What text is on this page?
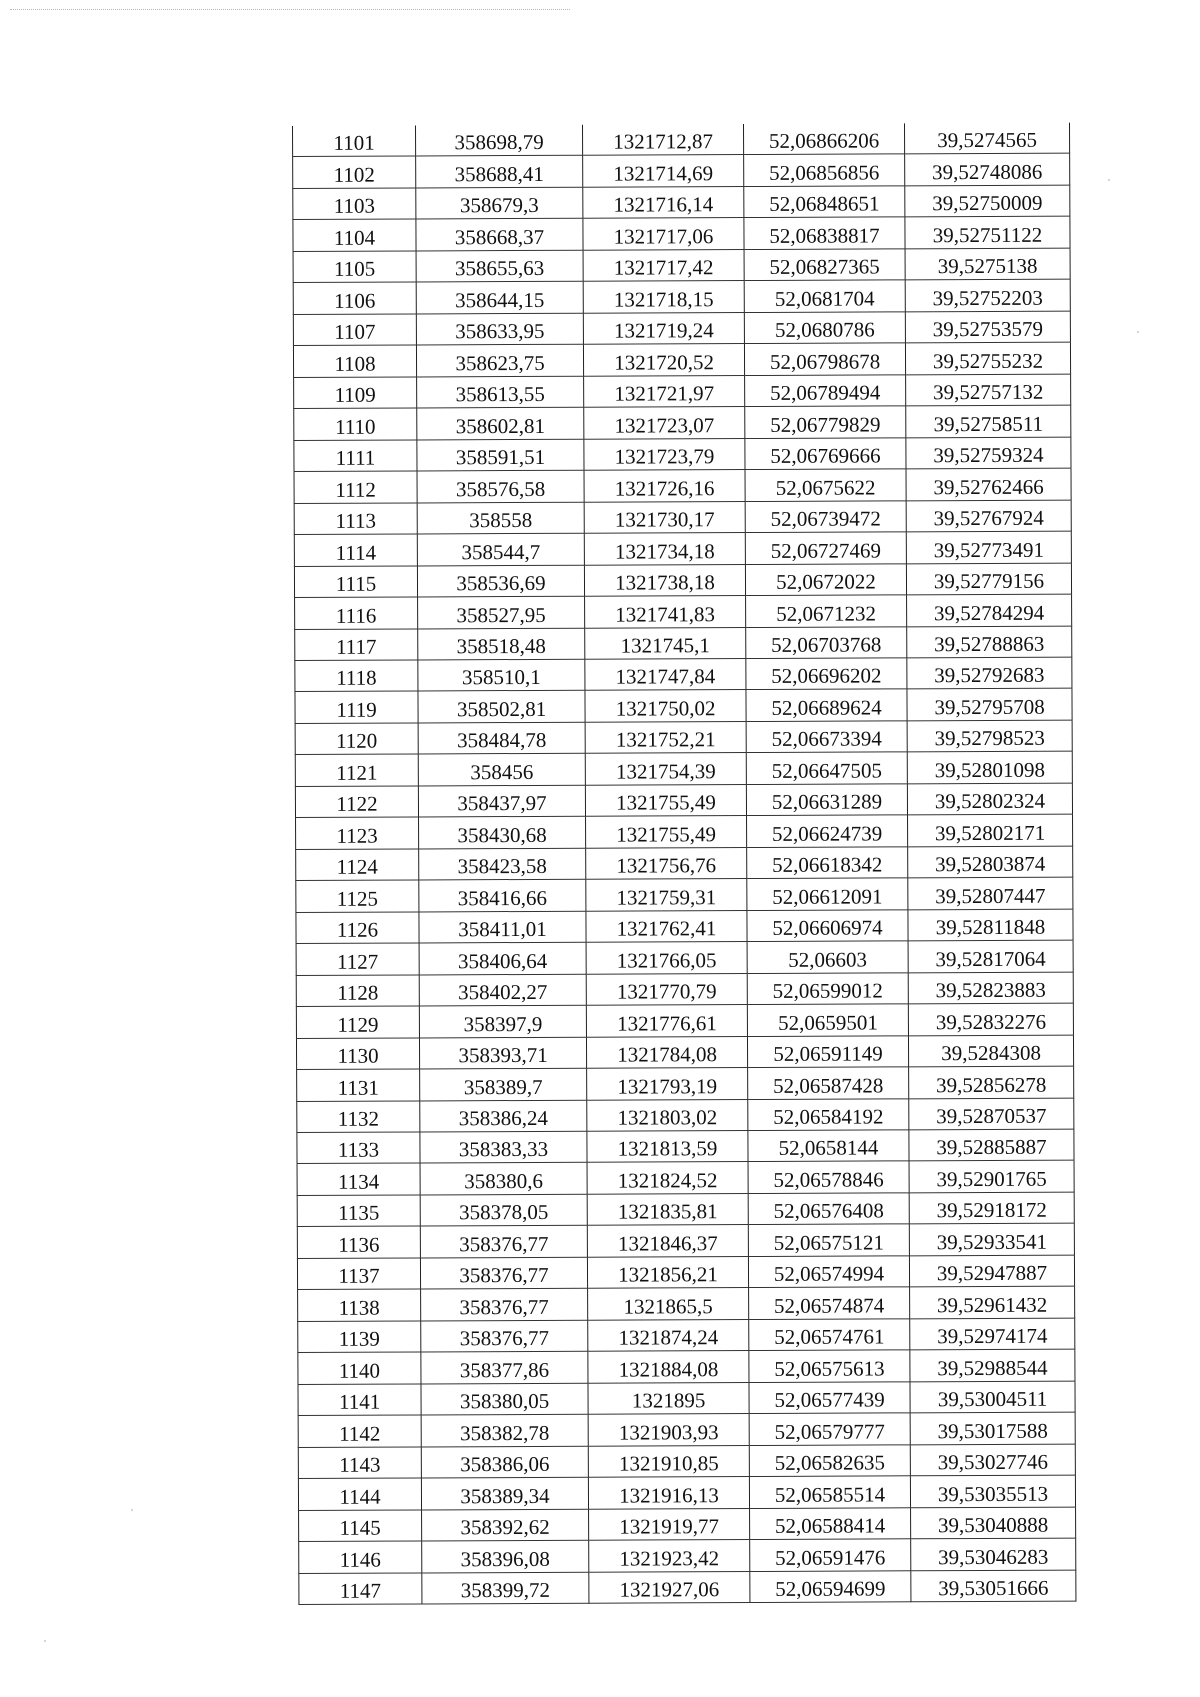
1101	358698,79	1321712,87	52,06866206	39,5274565
1102	358688,41	1321714,69	52,06856856	39,52748086
1103	358679,3	1321716,14	52,06848651	39,52750009
1104	358668,37	1321717,06	52,06838817	39,52751122
1105	358655,63	1321717,42	52,06827365	39,5275138
1106	358644,15	1321718,15	52,0681704	39,52752203
1107	358633,95	1321719,24	52,0680786	39,52753579
1108	358623,75	1321720,52	52,06798678	39,52755232
1109	358613,55	1321721,97	52,06789494	39,52757132
1110	358602,81	1321723,07	52,06779829	39,52758511
1111	358591,51	1321723,79	52,06769666	39,52759324
1112	358576,58	1321726,16	52,0675622	39,52762466
1113	358558	1321730,17	52,06739472	39,52767924
1114	358544,7	1321734,18	52,06727469	39,52773491
1115	358536,69	1321738,18	52,0672022	39,52779156
1116	358527,95	1321741,83	52,0671232	39,52784294
1117	358518,48	1321745,1	52,06703768	39,52788863
1118	358510,1	1321747,84	52,06696202	39,52792683
1119	358502,81	1321750,02	52,06689624	39,52795708
1120	358484,78	1321752,21	52,06673394	39,52798523
1121	358456	1321754,39	52,06647505	39,52801098
1122	358437,97	1321755,49	52,06631289	39,52802324
1123	358430,68	1321755,49	52,06624739	39,52802171
1124	358423,58	1321756,76	52,06618342	39,52803874
1125	358416,66	1321759,31	52,06612091	39,52807447
1126	358411,01	1321762,41	52,06606974	39,52811848
1127	358406,64	1321766,05	52,06603	39,52817064
1128	358402,27	1321770,79	52,06599012	39,52823883
1129	358397,9	1321776,61	52,0659501	39,52832276
1130	358393,71	1321784,08	52,06591149	39,5284308
1131	358389,7	1321793,19	52,06587428	39,52856278
1132	358386,24	1321803,02	52,06584192	39,52870537
1133	358383,33	1321813,59	52,0658144	39,52885887
1134	358380,6	1321824,52	52,06578846	39,52901765
1135	358378,05	1321835,81	52,06576408	39,52918172
1136	358376,77	1321846,37	52,06575121	39,52933541
1137	358376,77	1321856,21	52,06574994	39,52947887
1138	358376,77	1321865,5	52,06574874	39,52961432
1139	358376,77	1321874,24	52,06574761	39,52974174
1140	358377,86	1321884,08	52,06575613	39,52988544
1141	358380,05	1321895	52,06577439	39,53004511
1142	358382,78	1321903,93	52,06579777	39,53017588
1143	358386,06	1321910,85	52,06582635	39,53027746
1144	358389,34	1321916,13	52,06585514	39,53035513
1145	358392,62	1321919,77	52,06588414	39,53040888
1146	358396,08	1321923,42	52,06591476	39,53046283
1147	358399,72	1321927,06	52,06594699	39,53051666
